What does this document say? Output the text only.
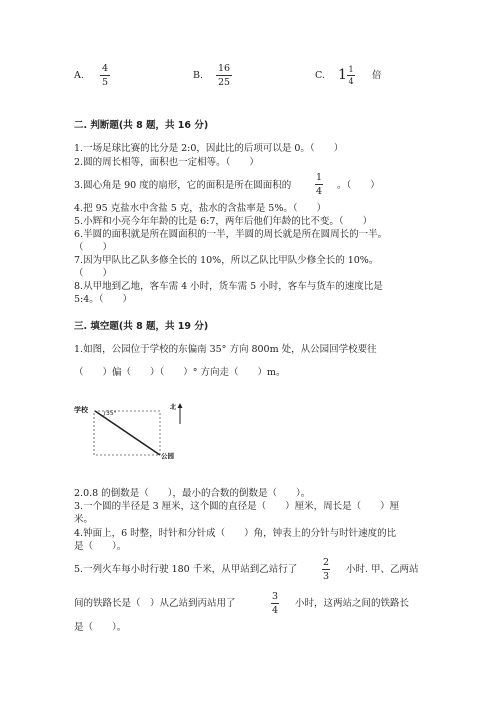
A.
4
5
B.
16
25
C. 1 1
4
倍
二. 判断题(共 8 题，共 16 分)
1.一场足球比赛的比分是 2:0，因此比的后项可以是 0。（　　）
2.圆的周长相等，面积也一定相等。（　　）
3.圆心角是 90 度的扇形，它的面积是所在圆面积的
1
4
。（　　）
4.把 95 克盐水中含盐 5 克，盐水的含盐率是 5%。（　　）
5.小辉和小亮今年年龄的比是 6:7，两年后他们年龄的比不变。（　　）
6.半圆的面积就是所在圆面积的一半，半圆的周长就是所在圆周长的一半。
（　　）
7.因为甲队比乙队多修全长的 10%，所以乙队比甲队少修全长的 10%。
（　　）
8.从甲地到乙地，客车需 4 小时，货车需 5 小时，客车与货车的速度比是
5:4。（　　）
三. 填空题(共 8 题，共 19 分)
1.如图，公园位于学校的东偏南 35° 方向 800m 处，从公园回学校要往
（　　）偏（　　）（　　）° 方向走（　　）m。
学校	35°
北
公园
2.0.8 的倒数是（　　），最小的合数的倒数是（　　）。
3.一个圆的半径是 3 厘米，这个圆的直径是（　　）厘米，周长是（　　）厘
米。
4.钟面上，6 时整，时针和分针成（　　）角，钟表上的分针与时针速度的比
是（　　）。
5.一列火车每小时行驶 180 千米，从甲站到乙站行了
2
3
小时. 甲、乙两站
间的铁路长是（　）从乙站到丙站用了
3
4
小时，这两站之间的铁路长
是（　　）。
